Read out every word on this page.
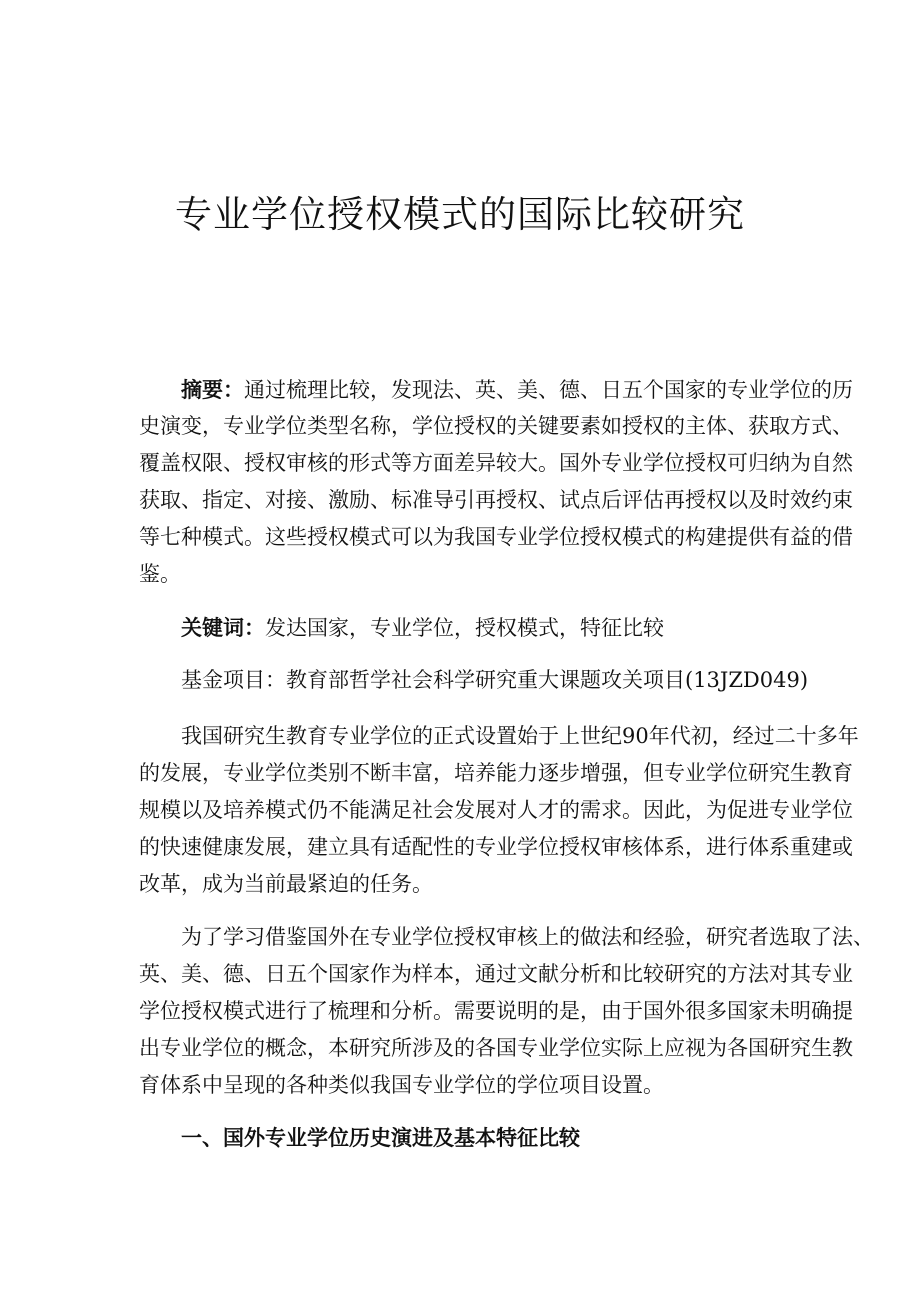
专业学位授权模式的国际比较研究
摘要：通过梳理比较，发现法、英、美、德、日五个国家的专业学位的历
史演变，专业学位类型名称，学位授权的关键要素如授权的主体、获取方式、
覆盖权限、授权审核的形式等方面差异较大。国外专业学位授权可归纳为自然
获取、指定、对接、激励、标准导引再授权、试点后评估再授权以及时效约束
等七种模式。这些授权模式可以为我国专业学位授权模式的构建提供有益的借
鉴。
关键词：发达国家，专业学位，授权模式，特征比较
基金项目：教育部哲学社会科学研究重大课题攻关项目(13JZD049)
我国研究生教育专业学位的正式设置始于上世纪90年代初，经过二十多年
的发展，专业学位类别不断丰富，培养能力逐步增强，但专业学位研究生教育
规模以及培养模式仍不能满足社会发展对人才的需求。因此，为促进专业学位
的快速健康发展，建立具有适配性的专业学位授权审核体系，进行体系重建或
改革，成为当前最紧迫的任务。
为了学习借鉴国外在专业学位授权审核上的做法和经验，研究者选取了法、
英、美、德、日五个国家作为样本，通过文献分析和比较研究的方法对其专业
学位授权模式进行了梳理和分析。需要说明的是，由于国外很多国家未明确提
出专业学位的概念，本研究所涉及的各国专业学位实际上应视为各国研究生教
育体系中呈现的各种类似我国专业学位的学位项目设置。
一、国外专业学位历史演进及基本特征比较
